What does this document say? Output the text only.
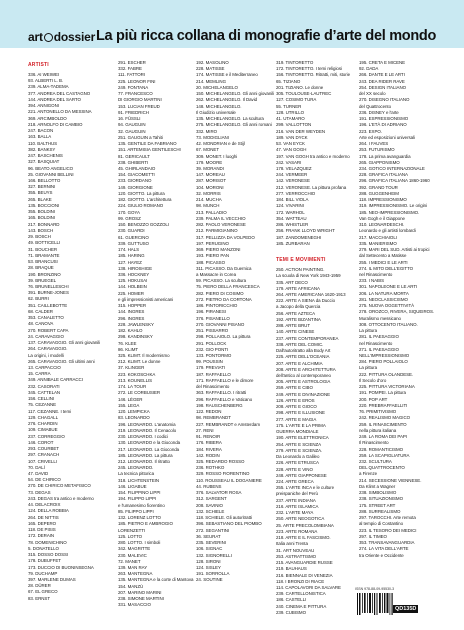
art dossier La più ricca collana di monografie d’arte del mondo
ARTISTI
336. AI WEIWEI
93. ALBERTI L. B.
239. ALMA-TADEMA
377. ANDREA DEL CASTAGNO
144. ANDREA DEL SARTO
394. ANNIGONI
221. ANTONELLO DA MESSINA
369. ARCIMBOLDO
218. ARNOLFO DI CAMBIO
247. BACON
163. BALLA
110. BALTHUS
382. BANKSY
247. BASCHENIS
327. BASQUIAT
96. BEATO ANGELICO
25. GIOVANNI BELLINI
166. BELLOTTO
327. BERNINI
355. BEUYS
265. BLAKE
135. BOCCIONI
355. BOLDINI
165. BOLDINI
217. BONNARD
143. BOSCH
29. BOSCH
49. BOTTICELLI
31. BOUCHER
71. BRAMANTE
53. BRANCUSI
28. BRAQUE
190. BRONZINO
39. BRUEGEL
76. BRUNELLESCHI
391. BURNE-JONES
62. BURRI
351. CAILLEBOTTE
68. CALDER
353. CANALETTO
48. CANOVA
270. ROBERT CAPA
24. CARAVAGGIO
137. CARAVAGGIO. Gli anni giovanili
264. CARAVAGGIO.
La origini, i modelli
265. CARAVAGGIO. Gli ultimi anni
13. CARPACCIO
15. CARRA
349. ANNIBALE CARRACCI
232. CASORATI
345. CATTELAN
156. CELLINI
75. CEZANNE
117. CEZANNE. I temi
129. CHAGALL
276. CHARDIN
109. CIMABUE
237. CORREGGIO
146. COROT
293. COURBET
297. CRANACH
107. CRIVELLI
70. DALÍ
47. DAVID
54. DE CHIRICO
270. DE CHIRICO METAFISICO
73. DEGAS
243. DEGAS tra antico e moderno
44. DELACROIX
124. DELLA ROBBIA
264. DE NITTIS
165. DEPERO
118. DE PISIS
172. DERAIN
78. DOMENICHINO
5. DONATELLO
315. DOSSO DOSSI
178. DUBUFFET
173. DUCCIO DI BUONINSEGNA
79. DUCHAMP
397. MARLENE DUMAS
28. DÜRER
67. EL GRECO
83. ERNST
291. ESCHER
332. FABRE
111. FATTORI
225. LEONOR FINI
249. FONTANA
77. FRANCESCO
DI GIORGIO MARTINI
153. LUCIAN FREUD
91. FRIEDRICH
16. FÜSSLI
94. GAUGUIN
32. GAUGUIN
251. GAUGUIN a Tahiti
135. GENTILE DA FABRIANO
151. ARTEMISIA GENTILESCHI
81. GERICAULT
238. GHIBERTI
45. GHIRLANDAIO
154. GIACOMETTI
233. GIORDANO
149. GIORGIONE
120. GIOTTO. La pittura
182. GIOTTO. L'architettura
224. GIULIO ROMANO
170. GOYA
99. GROSZ
150. BENOZZO GOZZOLI
230. GUARDI
61. GUERCINO
339. GUTTUSO
174. HALS
185. HARING
127. HAYEZ
138. HIROSHIGE
336. HOCKNEY
125. HOKUSAI
144. HOLBEIN
225. HOMER
e gli impressionisti americani
315. HOPPER
144. INGRES
296. INGRES
228. JAWLENSKY
182. KAHLO
298. KANDINSKY
76. KLEE
86. KLIMT
325. KLIMT. Il modernismo
212. KLIMT. Le donne
37. KLINGER
223. KOKOSCHKA
213. KOUNELLIS
174. LA TOUR
272. LE CORBUSIER
146. LÉGER
155. LEGA
120. LEMPICKA
83. LEONARDO
196. LEONARDO. L'anatomia
219. LEONARDO. Il Cenacolo
230. LEONARDO. I codici
130. LEONARDO e la Gioconda
217. LEONARDO. La Gioconda
185. LEONARDO. La pittura
212. LEONARDO. Il ritratto
245. LEONARDO.
La tecnica pittorica
318. LICHTENSTEIN
146. LIGABUE
154. FILIPPINO LIPPI
194. FILIPPO LIPPI
e l'umanesimo fiorentino
85. FILIPPO LIPPI
132. LORENZ LOTTO
185. PIETRO E AMBROGIO
LORENZETTI
125. LOTTO
280. LOTTO. I simboli
342. MAGRITTE
230. MALEVIC
72. MANET
139. MAN RAY
263. MANTEGNA
135. MANTEGNA e la corte di Mantova
154. MANZÙ
207. MARINO MARINI
238. SIMONE MARTINI
331. MASACCIO
192. MASOLINO
228. MATISSE
174. MATISSE e il Mediterraneo
214. MEMLING
20. MICHELANGELO
150. MICHELANGELO. Gli anni giovanili
262. MICHELANGELO. Il David
148. MICHELANGELO.
Il Giudizio universale
135. MICHELANGELO. La scultura
275. MICHELANGELO. Gli anni romani
332. MIRO
73. MODIGLIANI
42. MONDRIAN e de Stijl
67. MONET
309. MONET. I luoghi
179. MOORE
39. MORANDI
147. MOREAU
287. MORISOT
104. MORONI
32. MORRIS
214. MUCHA
98. MUNCH
213. PALLADIO
239. PALMA IL VECCHIO
282. PAOLO VERONESE
212. PARMIGIANINO
317. PELLIZZA DA VOLPEDO
197. PERUGINO
369. PIERO MANZONI
193. PIERO PAN
188. PICASSO
311. PICASSO. Da Guernica
a Massacre in Corea
59. PICASSO. La scultura
75. PIERO DELLA FRANCESCA
282. PIERO DI COSIMO
272. PIETRO DA CORTONA
186. PINTORICCHIO
196. PIRANESI
376. PISANELLO
270. GIOVANNI PISANO
251. PISSARRO
298. POLLAIOLO. La pittura
291. POLLOCK
232. GIO PONTI
133. PONTORMO
99. POUSSIN
179. PREVIATI
187. RAFFAELLO
171. RAFFAELLO e le dimore
del Rinascimento
363. RAFFAELLO. I ritratti
296. RAFFAELLO e Vaticano
198. RAUSCHENBERG
122. REDON
98. REMBRANDT
227. REMBRANDT e Amsterdam
27. RENI
91. RENOIR
176. RIBERA
184. RIVERA
142. RODIN
325. REDARDO ROSSO
236. ROTHKO
329. ROSSO FIORENTINO
110. ROUSSEAU IL DOGANIERE
44. RUBENS
376. SALVATOR ROSA
312. SARGENT
208. SAVINIO
132. SCHIELE
118. SCHIELE. Gli autoritratti
396. SEBASTIANO DEL PIOMBO
272. SEGANTINI
36. SEURAT
235. SEVERINI
106. SIGNAC
132. SIGNORELLI
128. SIRONI
124. SISLEY
191. SORROLLA
24. SOUTINE
319. TINTORETTO
172. TINTORETTO. I temi religiosi
156. TINTORETTO. Ritratti, miti, storie
65. TIZIANO
201. TIZIANO. Le donne
305. TOULOUSE-LAUTREC
127. COSIMO TURA
55. TURNER
128. UTRILLO
41. UTAMARO
299. VALLOTTON
216. VAN DER WEYDEN
189. VAN DYCK
53. VAN EYCK
47. VAN GOGH
197. VAN GOGH tra antico e moderno
242. VASARI
178. VELAZQUEZ
244. VERMEER
142. VERONESE
212. VERONESE. La pittura profana
277. VERROCCHIO
184. BILL VIOLA
124. VIVARINI
172. WARHOL
354. WATTEAU
286. WHISTLER
256. FRANK LLOYD WRIGHT
187. ZANDOMENEGHI
185. ZURBARAN
TEMI E MOVIMENTI
250. ACTION PAINTING.
La scuola di New York 1943-1959
335. ART DECO
179. ARTE AFRICANA
264. ARTE AMERICANA 1620-1913
222. ARTE A SIENA da Duccio
a Jacopo della Quercia
256. ARTE AZTECA
192. ARTE BIZANTINA
288. ARTE BRUT
140. ARTE CINESE
237. ARTE CONTEMPORANEA
338. ARTE DEL COMIC.
Dall'autoritratto alla Body Art
225. ARTE DELL'OCEANIA
207. ARTE E ALCHIMIA
208. ARTE E ARCHITETTURA
dell'antico al contemporaneo
205. ARTE E ASTROLOGIA
259. ARTE E CIBO
249. ARTE E DIVINAZIONE
126. ARTE E EROS
208. ARTE E GIOCO
298. ARTE E ILLUSIONE
277. ARTE E MAGIA
175. L'ARTE E LA PRIMA
GUERRA MONDIALE
190. ARTE ELETTRONICA
254. ARTE E SCIENZA
279. ARTE E SCIENZA.
Da Leonardo a Galileo
226. ARTE ETRUSCA
228. ARTE E VINO
248. ARTE GIAPPONESE
224. ARTE GRECA
255. L'ARTE INCA e le culture
preispaniche del Perù
237. ARTE INDIANA
216. ARTE ISLAMICA
232. L'ARTE MAYA
250. ARTE NEOGOTICA
25. ARTE PRECOLOMBIANA
223. ARTE ROMANA
218. ARTE E IL FASCISMO.
Italia anni Trenta
31. ART NOUVEAU
253. ASTRATTISMO
215. AVANGUARDIE RUSSE
219. BAUHAUS
216. BIENNALE DI VENEZIA
118. I BRONZI DI RIACE
114. CAPOLAVORI DA SALVARE
239. CARTELLONISTICA
186. CASTELLI
240. CINEMA E PITTURA
239. CUBISMO
195. CRETA E MICENE
92. DADA
266. DANTE E LE ARTI
243. DEA RIDER RAVE
254. DESIGN ITALIANO
del XX secolo
270. DISEGNO ITALIANO
del Quattrocento
236. DISNEY e l'arte
191. ESPRESSIONISMO
196. L'ETÀ DI ADRIANO
223. EXPO.
Arte ed esposizioni universali
264. I FAUVES
253. FUTURISMO
178. La prima avanguardia
265. GIAPPONISMO
234. GOTICO INTERNAZIONALE
228. GRAFICA ITALIANA
296. GRAFICA ITALIANA 1860-1960
392. GRAND TOUR
288. GUGGENHEIM
118. IMPRESSIONISMO
319. IMPRESSIONISMO. Le origini
185. NEO-IMPRESSIONISMO.
Van Gogh e il Giappone
310. LEONARDESCHI.
Leonardo e gli artisti lombardi
217. MACCHIAIOLI
335. MANIERISMO
279. MARI DEL SUD. Artisti ai tropici
dal Settecento a Matisse
255. I MEDICI E LE ARTI
274. IL MITO DELL'EGITTO
nel Rinascimento
233. I NABIS
301. NAPOLEONE E LE ARTI
206. LA NATURA MORTA
281. NEOCLASSICISMO
275. NUOVA OGGETTIVITÀ
278. OROZCO, RIVERA, SIQUEIROS.
Muralismo messicano
308. OTTOCENTO ITALIANO.
La pittura
281. IL PAESAGGIO
nel Rinascimento
271. IL PAESAGGIO
NELL'IMPRESSIONISMO
284. PIERO POLLAIOLO
La pittura
222. PITTURA OLANDESE.
Il Secolo d'oro
225. PITTURA VICTORIANA
191. POMPEI. La pittura
200. POP ART
220. PREBRAFFAELLITI
76. PRIMITIVISMO
242. REALISMO MAGICO
259. IL RINASCIMENTO
nella pittura italiana
249. LA ROMA DEI PAPI
Il Rinascimento
228. ROMANTICISMO
259. LA SCAPIGLIATURA
232. SCULTURA
DEL QUATTROCENTO
a Firenze
214. SECESSIONE VIENNESE.
Da Klimt a Wagner
238. SIMBOLISMO
238. SITUAZIONISMO
175. STREET ART
288. SURREALISMO
297. TAROCCHI. Arte remota
al tempio di Costantino
223. IL TESORO DEI MEDICI
297. IL TIMEO
353. TRANSAVANGUARDIA
274. LA VITA DELL'ARTE
tra Oriente e Occidente
ISSN 978-88-09-95530-3
QD135D
